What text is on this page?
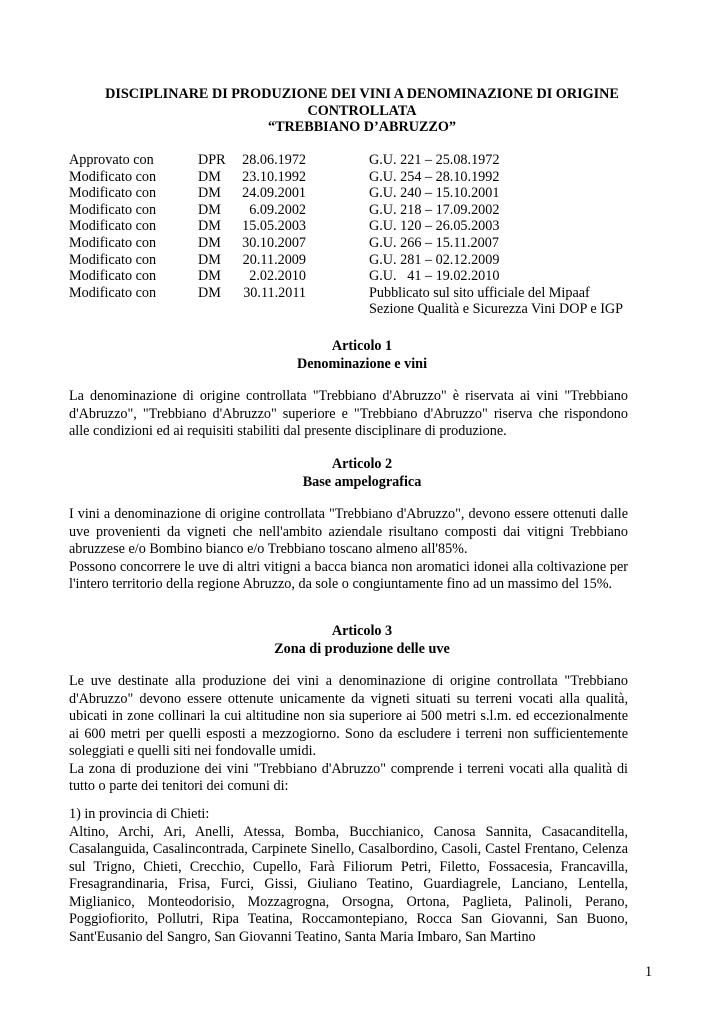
DISCIPLINARE DI PRODUZIONE DEI VINI A DENOMINAZIONE DI ORIGINE
CONTROLLATA
“TREBBIANO D’ABRUZZO”
Approvato con	DPR 28.06.1972	G.U. 221 – 25.08.1972
Modificato con	DM 23.10.1992	G.U. 254 – 28.10.1992
Modificato con	DM 24.09.2001	G.U. 240 – 15.10.2001
Modificato con	DM	6.09.2002	G.U. 218 – 17.09.2002
Modificato con	DM 15.05.2003	G.U. 120 – 26.05.2003
Modificato con	DM 30.10.2007	G.U. 266 – 15.11.2007
Modificato con	DM 20.11.2009	G.U. 281 – 02.12.2009
Modificato con	DM	2.02.2010	G.U.   41 – 19.02.2010
Modificato con	DM 30.11.2011	Pubblicato sul sito ufficiale del Mipaaf
Sezione Qualità e Sicurezza Vini DOP e IGP
Articolo 1
Denominazione e vini

La denominazione di origine controllata "Trebbiano d'Abruzzo" è riservata ai vini "Trebbiano d'Abruzzo", "Trebbiano d'Abruzzo" superiore e "Trebbiano d'Abruzzo" riserva che rispondono alle condizioni ed ai requisiti stabiliti dal presente disciplinare di produzione.

Articolo 2
Base ampelografica

I vini a denominazione di origine controllata "Trebbiano d'Abruzzo", devono essere ottenuti dalle uve provenienti da vigneti che nell'ambito aziendale risultano composti dai vitigni Trebbiano abruzzese e/o Bombino bianco e/o Trebbiano toscano almeno all'85%.

Possono concorrere le uve di altri vitigni a bacca bianca non aromatici idonei alla coltivazione per l'intero territorio della regione Abruzzo, da sole o congiuntamente fino ad un massimo del 15%.

Articolo 3
Zona di produzione delle uve

Le uve destinate alla produzione dei vini a denominazione di origine controllata "Trebbiano d'Abruzzo" devono essere ottenute unicamente da vigneti situati su terreni vocati alla qualità, ubicati in zone collinari la cui altitudine non sia superiore ai 500 metri s.l.m. ed eccezionalmente ai 600 metri per quelli esposti a mezzogiorno. Sono da escludere i terreni non sufficientemente soleggiati e quelli siti nei fondovalle umidi.

La zona di produzione dei vini "Trebbiano d'Abruzzo" comprende i terreni vocati alla qualità di tutto o parte dei tenitori dei comuni di:

1) in provincia di Chieti:

Altino, Archi, Ari, Anelli, Atessa, Bomba, Bucchianico, Canosa Sannita, Casacanditella, Casalanguida, Casalincontrada, Carpinete Sinello, Casalbordino, Casoli, Castel Frentano, Celenza sul Trigno, Chieti, Crecchio, Cupello, Farà Filiorum Petri, Filetto, Fossacesia, Francavilla, Fresagrandinaria, Frisa, Furci, Gissi, Giuliano Teatino, Guardiagrele, Lanciano, Lentella, Miglianico, Monteodorisio, Mozzagrogna, Orsogna, Ortona, Paglieta, Palinoli, Perano, Poggiofiorito, Pollutri, Ripa Teatina, Roccamontepiano, Rocca San Giovanni, San Buono, Sant'Eusanio del Sangro, San Giovanni Teatino, Santa Maria Imbaro, San Martino

1
